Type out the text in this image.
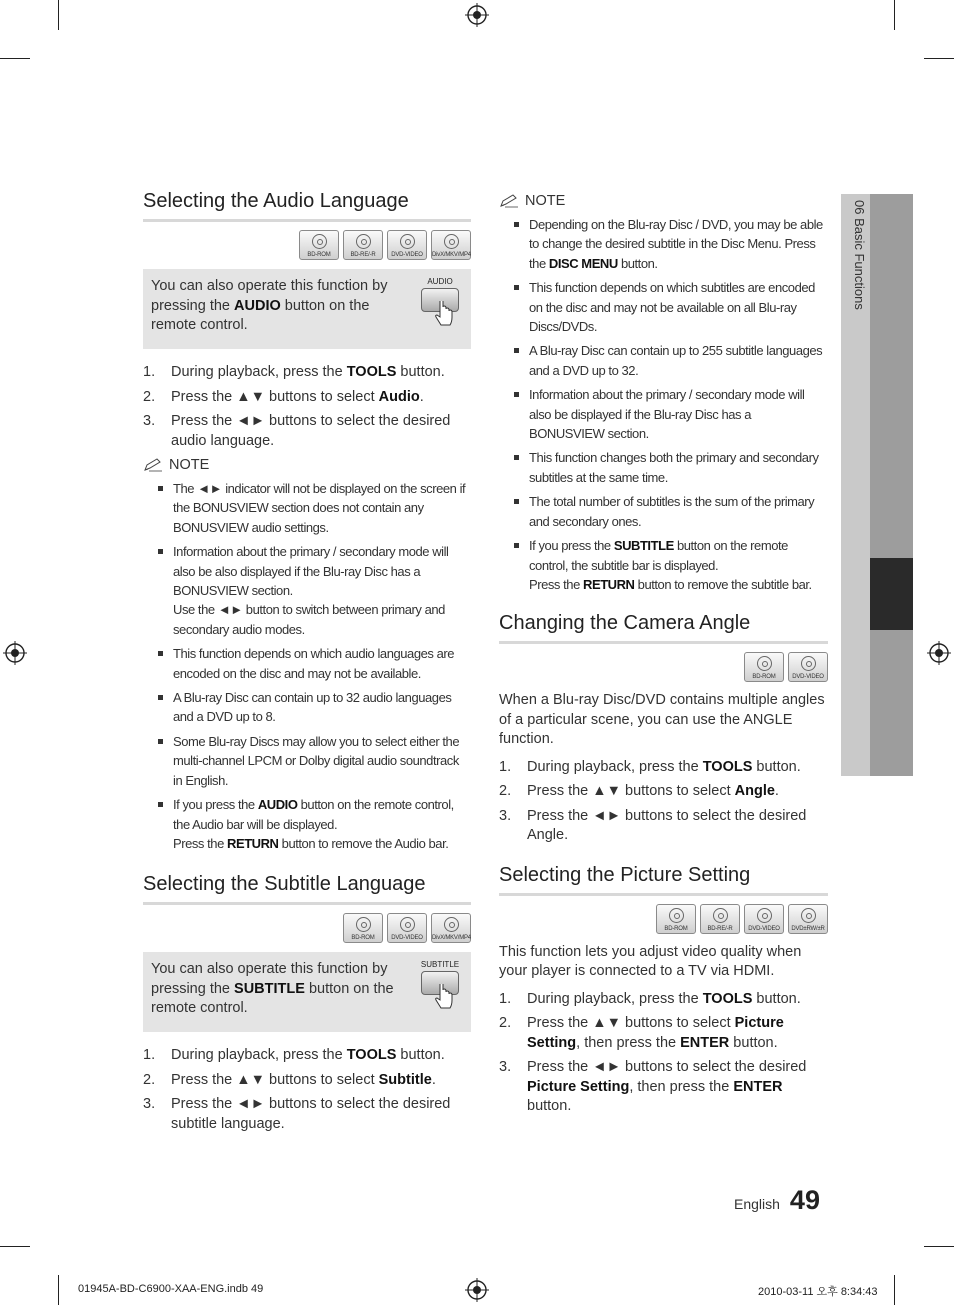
06 Basic Functions
Selecting the Audio Language
BD-ROM	BD-RE/-R	DVD-VIDEO	DivX/MKV/MP4
You can also operate this function by pressing the AUDIO button on the remote control.
AUDIO
1.	During playback, press the TOOLS button.
2.	Press the ▲▼ buttons to select Audio.
3.	Press the ◄► buttons to select the desired audio language.
NOTE
The ◄► indicator will not be displayed on the screen if the BONUSVIEW section does not contain any BONUSVIEW audio settings.
Information about the primary / secondary mode will also be also displayed if the Blu-ray Disc has a BONUSVIEW section.
Use the ◄► button to switch between primary and secondary audio modes.
This function depends on which audio languages are encoded on the disc and may not be available.
A Blu-ray Disc can contain up to 32 audio languages and a DVD up to 8.
Some Blu-ray Discs may allow you to select either the multi-channel LPCM or Dolby digital audio soundtrack in English.
If you press the AUDIO button on the remote control, the Audio bar will be displayed.
Press the RETURN button to remove the Audio bar.
Selecting the Subtitle Language
BD-ROM	DVD-VIDEO	DivX/MKV/MP4
You can also operate this function by pressing the SUBTITLE button on the remote control.
SUBTITLE
1.	During playback, press the TOOLS button.
2.	Press the ▲▼ buttons to select Subtitle.
3.	Press the ◄► buttons to select the desired subtitle language.
NOTE
Depending on the Blu-ray Disc / DVD, you may be able to change the desired subtitle in the Disc Menu. Press the DISC MENU button.
This function depends on which subtitles are encoded on the disc and may not be available on all Blu-ray Discs/DVDs.
A Blu-ray Disc can contain up to 255 subtitle languages and a DVD up to 32.
Information about the primary / secondary mode will also be displayed if the Blu-ray Disc has a BONUSVIEW section.
This function changes both the primary and secondary subtitles at the same time.
The total number of subtitles is the sum of the primary and secondary ones.
If you press the SUBTITLE button on the remote control, the subtitle bar is displayed.
Press the RETURN button to remove the subtitle bar.
Changing the Camera Angle
BD-ROM	DVD-VIDEO

When a Blu-ray Disc/DVD contains multiple angles of a particular scene, you can use the ANGLE function.

1.	During playback, press the TOOLS button.
2.	Press the ▲▼ buttons to select Angle.
3.	Press the ◄► buttons to select the desired Angle.
Selecting the Picture Setting
BD-ROM	BD-RE/-R	DVD-VIDEO	DVD±RW/±R

This function lets you adjust video quality when your player is connected to a TV via HDMI.

1.	During playback, press the TOOLS button.
2.	Press the ▲▼ buttons to select Picture Setting, then press the ENTER button.
3.	Press the ◄► buttons to select the desired Picture Setting, then press the ENTER button.
English 49
01945A-BD-C6900-XAA-ENG.indb 49	2010-03-11 오후 8:34:43
